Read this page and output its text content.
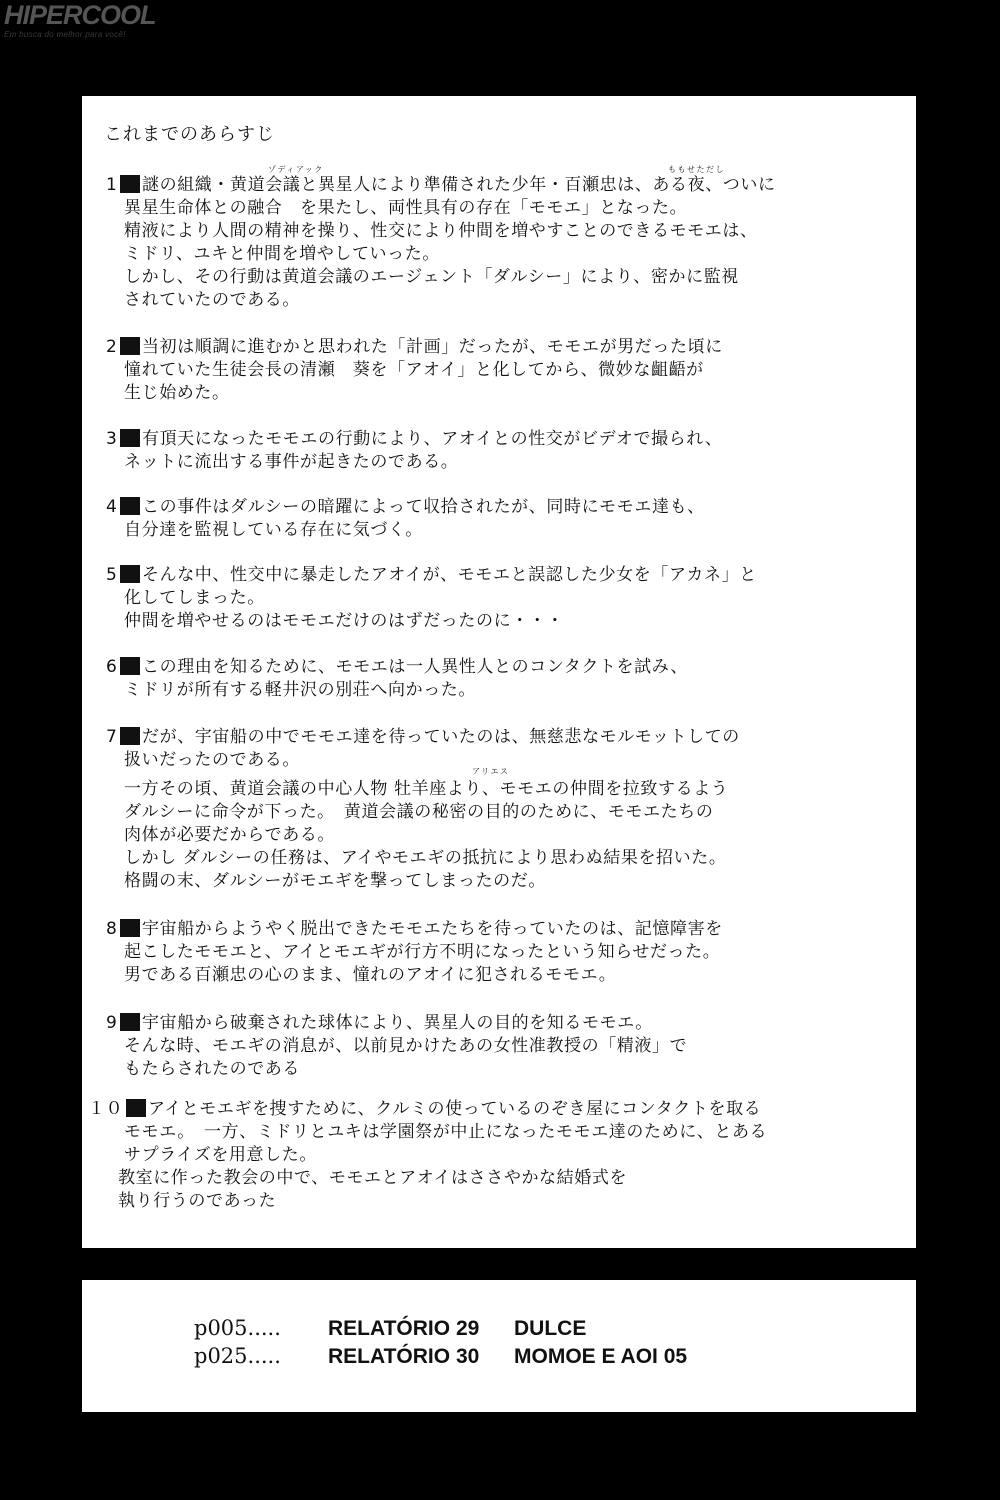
HIPERCOOL
Em busca do melhor para você!
これまでのあらすじ
ゾディアック	ももせただし
1 謎の組織・黄道会議と異星人により準備された少年・百瀬忠は、ある夜、ついに
異星生命体との融合　を果たし、両性具有の存在「モモエ」となった。
精液により人間の精神を操り、性交により仲間を増やすことのできるモモエは、
ミドリ、ユキと仲間を増やしていった。
しかし、その行動は黄道会議のエージェント「ダルシー」により、密かに監視
されていたのである。
2 当初は順調に進むかと思われた「計画」だったが、モモエが男だった頃に
憧れていた生徒会長の清瀬　葵を「アオイ」と化してから、微妙な齟齬が
生じ始めた。
3 有頂天になったモモエの行動により、アオイとの性交がビデオで撮られ、
ネットに流出する事件が起きたのである。
4 この事件はダルシーの暗躍によって収拾されたが、同時にモモエ達も、
自分達を監視している存在に気づく。
5 そんな中、性交中に暴走したアオイが、モモエと誤認した少女を「アカネ」と
化してしまった。
仲間を増やせるのはモモエだけのはずだったのに・・・
6 この理由を知るために、モモエは一人異性人とのコンタクトを試み、
ミドリが所有する軽井沢の別荘へ向かった。
アリエス
7 だが、宇宙船の中でモモエ達を待っていたのは、無慈悲なモルモットしての
扱いだったのである。
一方その頃、黄道会議の中心人物 牡羊座より、モモエの仲間を拉致するよう
ダルシーに命令が下った。　黄道会議の秘密の目的のために、モモエたちの
肉体が必要だからである。
しかし ダルシーの任務は、アイやモエギの抵抗により思わぬ結果を招いた。
格闘の末、ダルシーがモエギを撃ってしまったのだ。
8 宇宙船からようやく脱出できたモモエたちを待っていたのは、記憶障害を
起こしたモモエと、アイとモエギが行方不明になったという知らせだった。
男である百瀬忠の心のまま、憧れのアオイに犯されるモモエ。
9 宇宙船から破棄された球体により、異星人の目的を知るモモエ。
そんな時、モエギの消息が、以前見かけたあの女性准教授の「精液」で
もたらされたのである
１０ アイとモエギを捜すために、クルミの使っているのぞき屋にコンタクトを取る
モモエ。　一方、ミドリとユキは学園祭が中止になったモモエ達のために、とある
サプライズを用意した。
教室に作った教会の中で、モモエとアオイはささやかな結婚式を
執り行うのであった
p005..... RELATÓRIO 29 DULCE
p025..... RELATÓRIO 30 MOMOE E AOI 05
